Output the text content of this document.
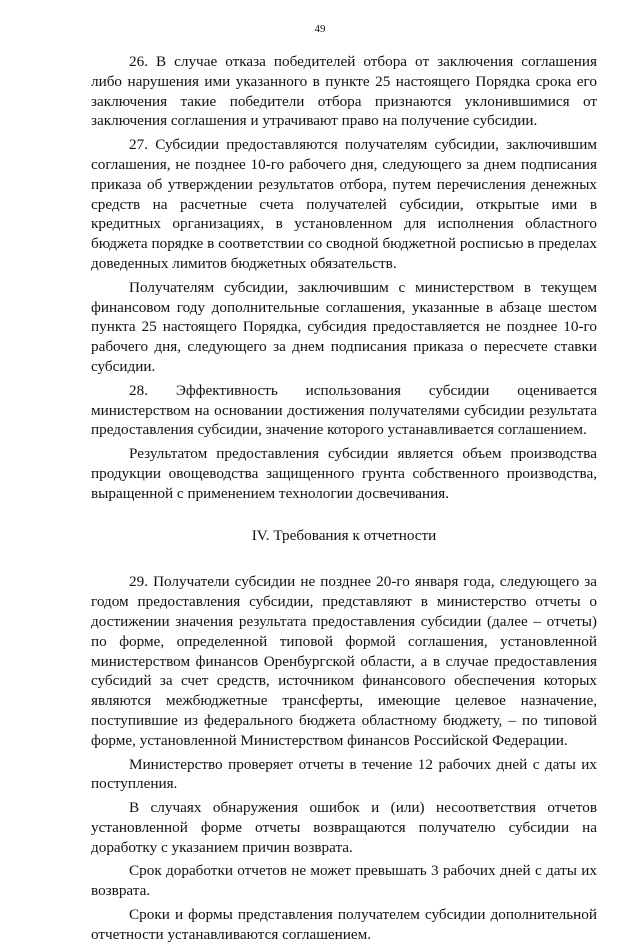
49

26. В случае отказа победителей отбора от заключения соглашения либо нарушения ими указанного в пункте 25 настоящего Порядка срока его заключения такие победители отбора признаются уклонившимися от заключения соглашения и утрачивают право на получение субсидии.

27. Субсидии предоставляются получателям субсидии, заключившим соглашения, не позднее 10-го рабочего дня, следующего за днем подписания приказа об утверждении результатов отбора, путем перечисления денежных средств на расчетные счета получателей субсидии, открытые ими в кредитных организациях, в установленном для исполнения областного бюджета порядке в соответствии со сводной бюджетной росписью в пределах доведенных лимитов бюджетных обязательств.

Получателям субсидии, заключившим с министерством в текущем финансовом году дополнительные соглашения, указанные в абзаце шестом пункта 25 настоящего Порядка, субсидия предоставляется не позднее 10-го рабочего дня, следующего за днем подписания приказа о пересчете ставки субсидии.

28. Эффективность использования субсидии оценивается министерством на основании достижения получателями субсидии результата предоставления субсидии, значение которого устанавливается соглашением.

Результатом предоставления субсидии является объем производства продукции овощеводства защищенного грунта собственного производства, выращенной с применением технологии досвечивания.

IV. Требования к отчетности

29. Получатели субсидии не позднее 20-го января года, следующего за годом предоставления субсидии, представляют в министерство отчеты о достижении значения результата предоставления субсидии (далее – отчеты) по форме, определенной типовой формой соглашения, установленной министерством финансов Оренбургской области, а в случае предоставления субсидий за счет средств, источником финансового обеспечения которых являются межбюджетные трансферты, имеющие целевое назначение, поступившие из федерального бюджета областному бюджету, – по типовой форме, установленной Министерством финансов Российской Федерации.

Министерство проверяет отчеты в течение 12 рабочих дней с даты их поступления.

В случаях обнаружения ошибок и (или) несоответствия отчетов установленной форме отчеты возвращаются получателю субсидии на доработку с указанием причин возврата.

Срок доработки отчетов не может превышать 3 рабочих дней с даты их возврата.

Сроки и формы представления получателем субсидии дополнительной отчетности устанавливаются соглашением.
